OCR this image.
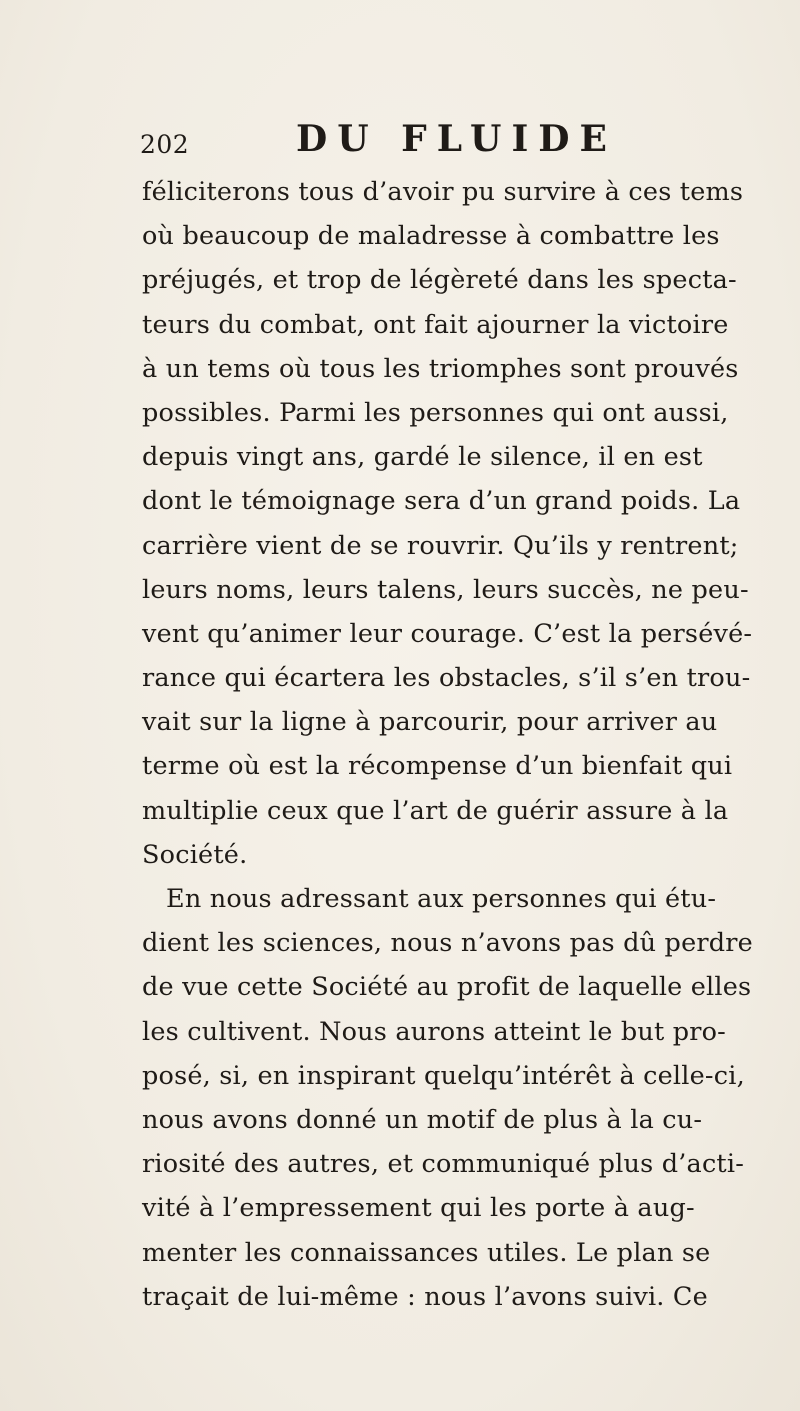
202	DU FLUIDE
féliciterons tous d’avoir pu survire à ces tems
où beaucoup de maladresse à combattre les
préjugés, et trop de légèreté dans les specta-
teurs du combat, ont fait ajourner la victoire
à un tems où tous les triomphes sont prouvés
possibles. Parmi les personnes qui ont aussi,
depuis vingt ans, gardé le silence, il en est
dont le témoignage sera d’un grand poids. La
carrière vient de se rouvrir. Qu’ils y rentrent;
leurs noms, leurs talens, leurs succès, ne peu-
vent qu’animer leur courage. C’est la persévé-
rance qui écartera les obstacles, s’il s’en trou-
vait sur la ligne à parcourir, pour arriver au
terme où est la récompense d’un bienfait qui
multiplie ceux que l’art de guérir assure à la
Société.
En nous adressant aux personnes qui étu-
dient les sciences, nous n’avons pas dû perdre
de vue cette Société au profit de laquelle elles
les cultivent. Nous aurons atteint le but pro-
posé, si, en inspirant quelqu’intérêt à celle-ci,
nous avons donné un motif de plus à la cu-
riosité des autres, et communiqué plus d’acti-
vité à l’empressement qui les porte à aug-
menter les connaissances utiles. Le plan se
traçait de lui-même : nous l’avons suivi. Ce
